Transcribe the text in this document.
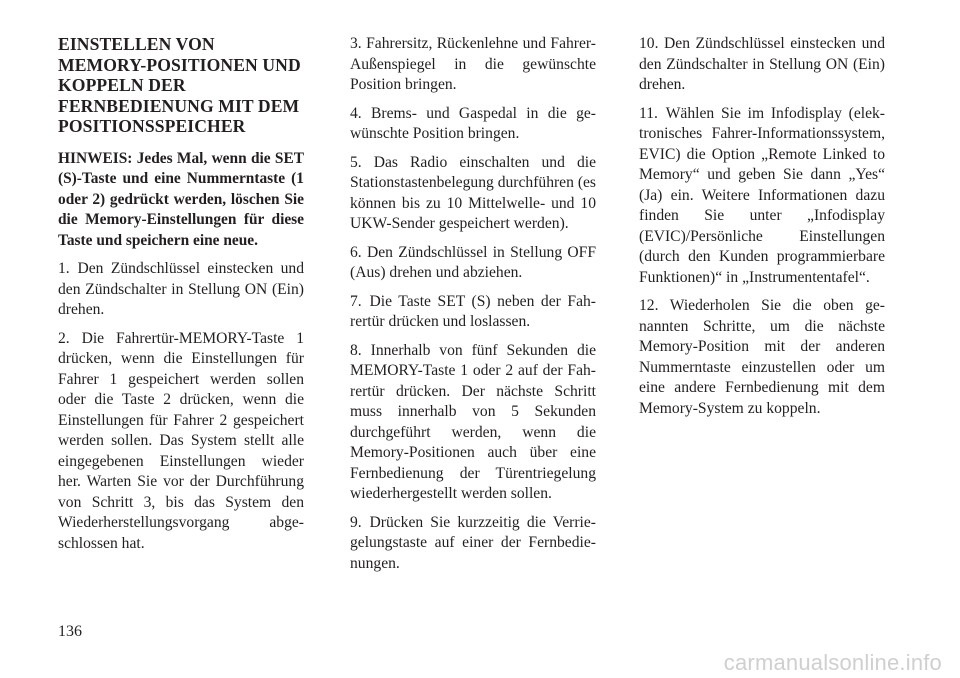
EINSTELLEN VON MEMORY-POSITIONEN UND KOPPELN DER FERNBEDIENUNG MIT DEM POSITIONSSPEICHER
HINWEIS: Jedes Mal, wenn die SET (S)-Taste und eine Nummerntaste (1 oder 2) gedrückt werden, löschen Sie die Memory-Einstellungen für diese Taste und speichern eine neue.
1. Den Zündschlüssel einstecken und den Zündschalter in Stellung ON (Ein) drehen.
2. Die Fahrertür-MEMORY-Taste 1 drücken, wenn die Einstellungen für Fahrer 1 gespeichert werden sollen oder die Taste 2 drücken, wenn die Einstellungen für Fahrer 2 gespeichert werden sollen. Das System stellt alle eingegebenen Einstellungen wieder her. Warten Sie vor der Durchführung von Schritt 3, bis das System den Wiederherstellungsvorgang abgeschlossen hat.
3. Fahrersitz, Rückenlehne und Fahrer-Außenspiegel in die gewünschte Position bringen.
4. Brems- und Gaspedal in die gewünschte Position bringen.
5. Das Radio einschalten und die Stationstastenbelegung durchführen (es können bis zu 10 Mittelwelle- und 10 UKW-Sender gespeichert werden).
6. Den Zündschlüssel in Stellung OFF (Aus) drehen und abziehen.
7. Die Taste SET (S) neben der Fahrertür drücken und loslassen.
8. Innerhalb von fünf Sekunden die MEMORY-Taste 1 oder 2 auf der Fahrertür drücken. Der nächste Schritt muss innerhalb von 5 Sekunden durchgeführt werden, wenn die Memory-Positionen auch über eine Fernbedienung der Türentriegelung wiederhergestellt werden sollen.
9. Drücken Sie kurzzeitig die Verriegelungstaste auf einer der Fernbedienungen.
10. Den Zündschlüssel einstecken und den Zündschalter in Stellung ON (Ein) drehen.
11. Wählen Sie im Infodisplay (elektronisches Fahrer-Informationssystem, EVIC) die Option „Remote Linked to Memory“ und geben Sie dann „Yes“ (Ja) ein. Weitere Informationen dazu finden Sie unter „Infodisplay (EVIC)/Persönliche Einstellungen (durch den Kunden programmierbare Funktionen)“ in „Instrumententafel“.
12. Wiederholen Sie die oben genannten Schritte, um die nächste Memory-Position mit der anderen Nummerntaste einzustellen oder um eine andere Fernbedienung mit dem Memory-System zu koppeln.
136
carmanualsonline.info
